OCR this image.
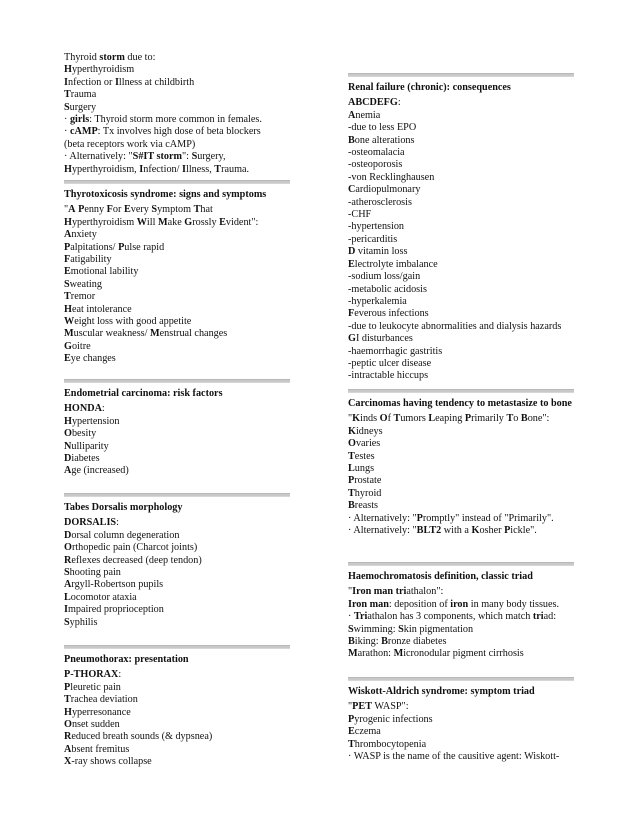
Thyroid storm due to:
Hyperthyroidism
Infection or Illness at childbirth
Trauma
Surgery
· girls: Thyroid storm more common in females.
· cAMP: Tx involves high dose of beta blockers
(beta receptors work via cAMP)
· Alternatively: "S#IT storm": Surgery,
Hyperthyroidism, Infection/ Illness, Trauma.
Thyrotoxicosis syndrome: signs and symptoms
"A Penny For Every Symptom That
Hyperthyroidism Will Make Grossly Evident":
Anxiety
Palpitations/ Pulse rapid
Fatigability
Emotional lability
Sweating
Tremor
Heat intolerance
Weight loss with good appetite
Muscular weakness/ Menstrual changes
Goitre
Eye changes
Endometrial carcinoma: risk factors
HONDA:
Hypertension
Obesity
Nulliparity
Diabetes
Age (increased)
Tabes Dorsalis morphology
DORSALIS:
Dorsal column degeneration
Orthopedic pain (Charcot joints)
Reflexes decreased (deep tendon)
Shooting pain
Argyll-Robertson pupils
Locomotor ataxia
Impaired proprioception
Syphilis
Pneumothorax: presentation
P-THORAX:
Pleuretic pain
Trachea deviation
Hyperresonance
Onset sudden
Reduced breath sounds (& dypsnea)
Absent fremitus
X-ray shows collapse
Renal failure (chronic): consequences
ABCDEFG:
Anemia
-due to less EPO
Bone alterations
-osteomalacia
-osteoporosis
-von Recklinghausen
Cardiopulmonary
-atherosclerosis
-CHF
-hypertension
-pericarditis
D vitamin loss
Electrolyte imbalance
-sodium loss/gain
-metabolic acidosis
-hyperkalemia
Feverous infections
-due to leukocyte abnormalities and dialysis hazards
GI disturbances
-haemorrhagic gastritis
-peptic ulcer disease
-intractable hiccups
Carcinomas having tendency to metastasize to bone
"Kinds Of Tumors Leaping Primarily To Bone":
Kidneys
Ovaries
Testes
Lungs
Prostate
Thyroid
Breasts
· Alternatively: "Promptly" instead of "Primarily".
· Alternatively: "BLT2 with a Kosher Pickle".
Haemochromatosis definition, classic triad
"Iron man triathalon":
Iron man: deposition of iron in many body tissues.
· Triathalon has 3 components, which match triad:
Swimming: Skin pigmentation
Biking: Bronze diabetes
Marathon: Micronodular pigment cirrhosis
Wiskott-Aldrich syndrome: symptom triad
"PET WASP":
Pyrogenic infections
Eczema
Thrombocytopenia
· WASP is the name of the causitive agent: Wiskott-
